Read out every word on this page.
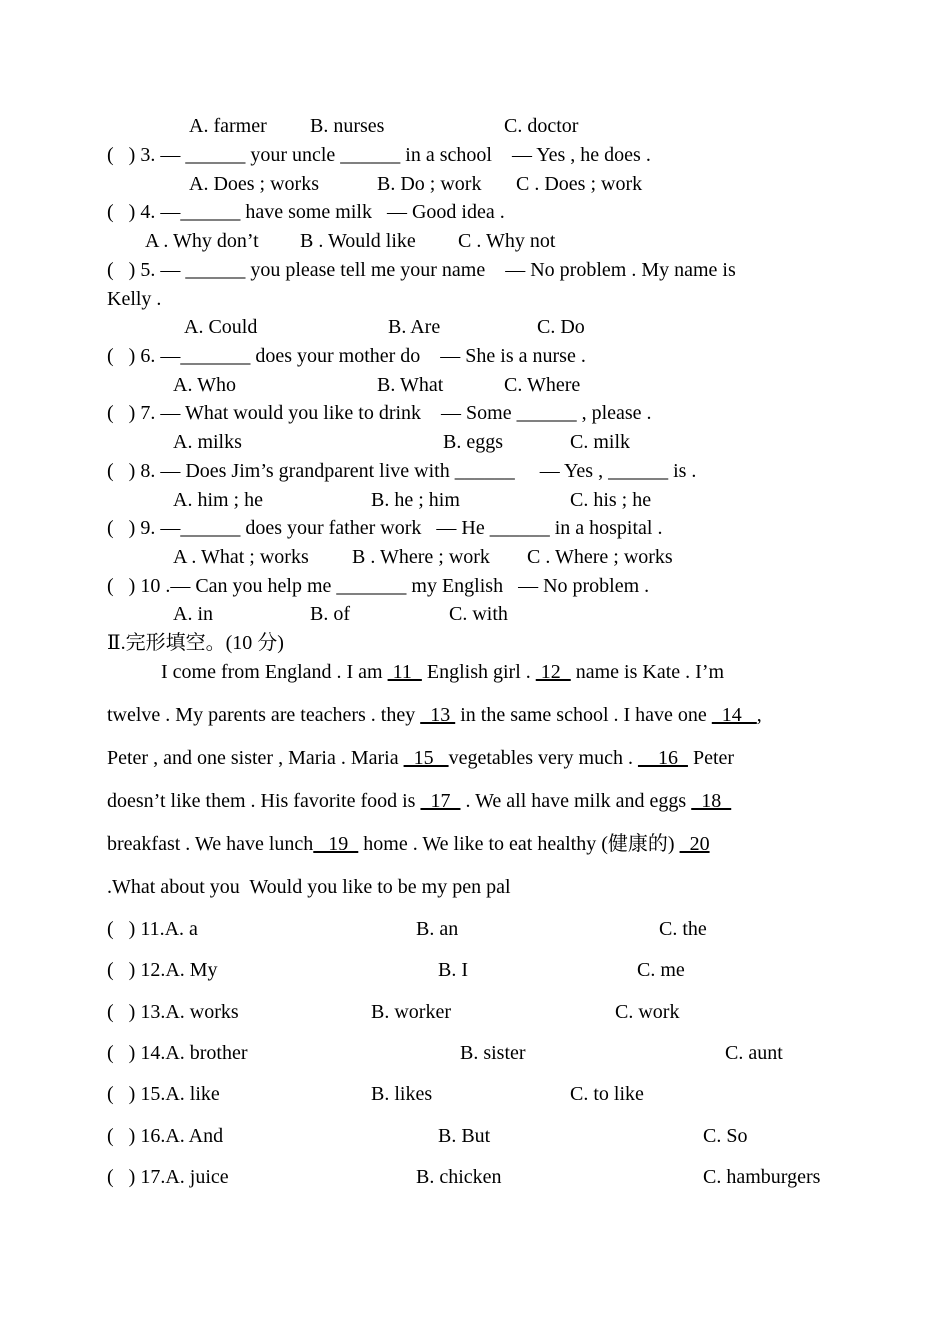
A. farmer B. nurses	C. doctor
(   ) 3. — ______ your uncle ______ in a school    — Yes , he does .
A. Does ; works	B. Do ; work C . Does ; work
(   ) 4. —______ have some milk   — Good idea .
A . Why don’t B . Would like C . Why not
(   ) 5. — ______ you please tell me your name    — No problem . My name is
Kelly .
A. Could	B. Are	C. Do
(   ) 6. —_______ does your mother do    — She is a nurse .
A. Who	B. What	C. Where
(   ) 7. — What would you like to drink    — Some ______ , please .
A. milks	B. eggs	C. milk
(   ) 8. — Does Jim’s grandparent live with ______     — Yes , ______ is .
A. him ; he	B. he ; him	C. his ; he
(   ) 9. —______ does your father work   — He ______ in a hospital .
A . What ; works B . Where ; work C . Where ; works
(   ) 10 .— Can you help me _______ my English   — No problem .
A. in	B. of	C. with
Ⅱ.完形填空。(10 分)
I come from England . I am  11   English girl .  12   name is Kate . I’m
twelve . My parents are teachers . they   13  in the same school . I have one   14   ,
Peter , and one sister , Maria . Maria   15   vegetables very much .     16   Peter
doesn’t like them . His favorite food is   17   . We all have milk and eggs   18
breakfast . We have lunch   19   home . We like to eat healthy (健康的)   20
.What about you  Would you like to be my pen pal
(   ) 11.A. a	B. an	C. the
(   ) 12.A. My	B. I	C. me
(   ) 13.A. works	B. worker	C. work
(   ) 14.A. brother	B. sister	C. aunt
(   ) 15.A. like	B. likes	C. to like
(   ) 16.A. And	B. But	C. So
(   ) 17.A. juice	B. chicken	C. hamburgers
